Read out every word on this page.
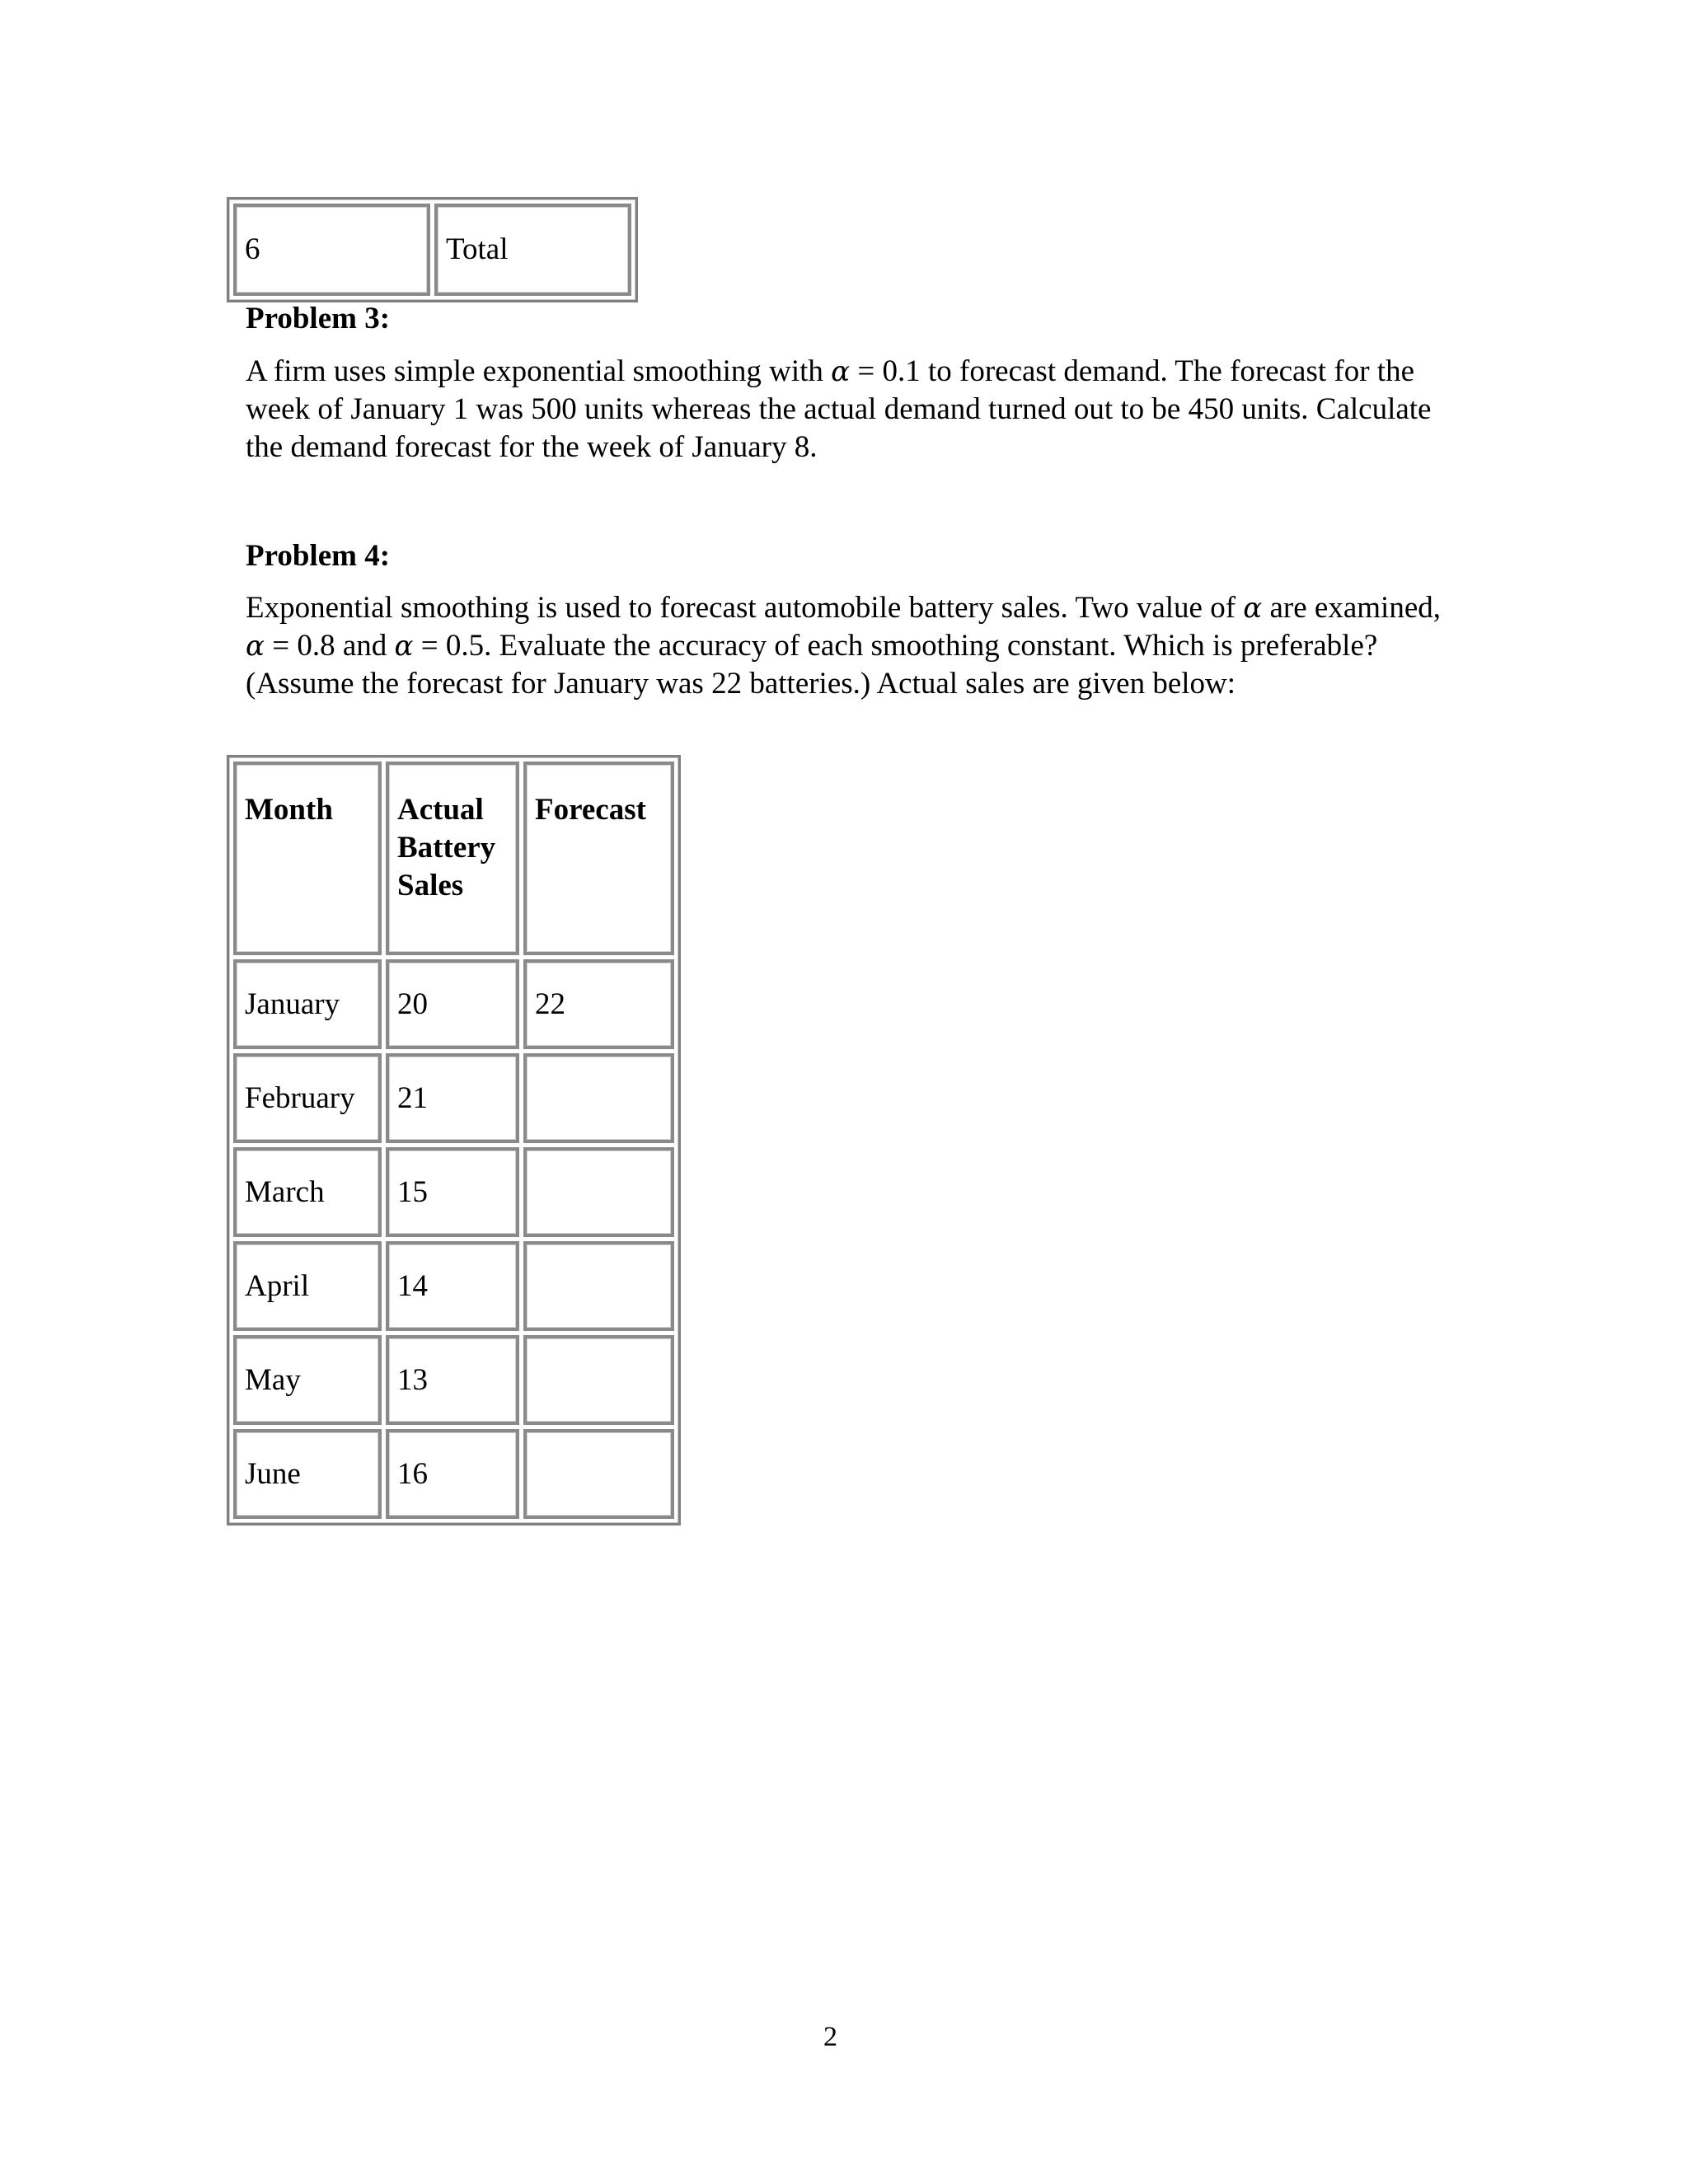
6	Total
Problem 3:

A firm uses simple exponential smoothing with α = 0.1 to forecast demand. The forecast for the week of January 1 was 500 units whereas the actual demand turned out to be 450 units. Calculate the demand forecast for the week of January 8.

Problem 4:

Exponential smoothing is used to forecast automobile battery sales. Two value of α are examined, α = 0.8 and α = 0.5. Evaluate the accuracy of each smoothing constant. Which is preferable? (Assume the forecast for January was 22 batteries.) Actual sales are given below:

Month	Actual
Battery
Sales	Forecast
January	20	22
February	21	
March	15	
April	14	
May	13	
June	16	
2
